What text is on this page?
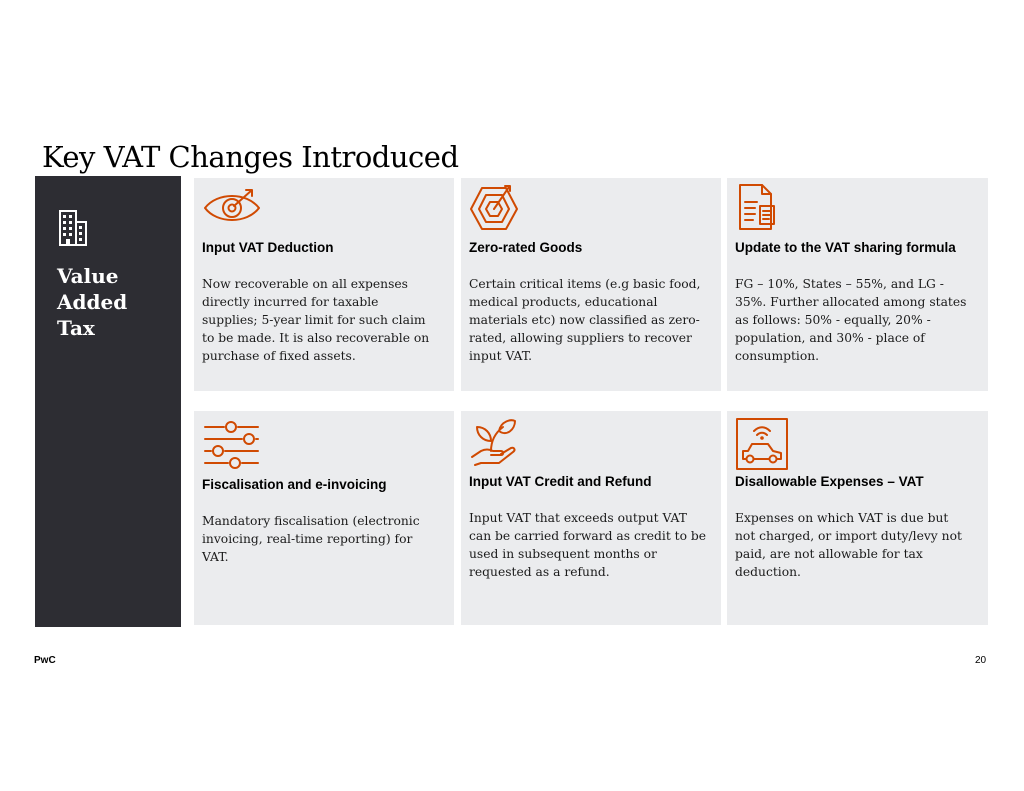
Key VAT Changes Introduced
Value
Added
Tax
Input VAT Deduction
Now recoverable on all expenses
directly incurred for taxable
supplies; 5-year limit for such claim
to be made. It is also recoverable on
purchase of fixed assets.
Zero-rated Goods
Certain critical items (e.g basic food,
medical products, educational
materials etc) now classified as zero-
rated, allowing suppliers to recover
input VAT.
Update to the VAT sharing formula
FG – 10%, States – 55%, and LG -
35%. Further allocated among states
as follows: 50% - equally, 20% -
population, and 30% - place of
consumption.
Fiscalisation and e-invoicing
Mandatory fiscalisation (electronic
invoicing, real-time reporting) for
VAT.
Input VAT Credit and Refund
Input VAT that exceeds output VAT
can be carried forward as credit to be
used in subsequent months or
requested as a refund.
Disallowable Expenses – VAT
Expenses on which VAT is due but
not charged, or import duty/levy not
paid, are not allowable for tax
deduction.
PwC	20
